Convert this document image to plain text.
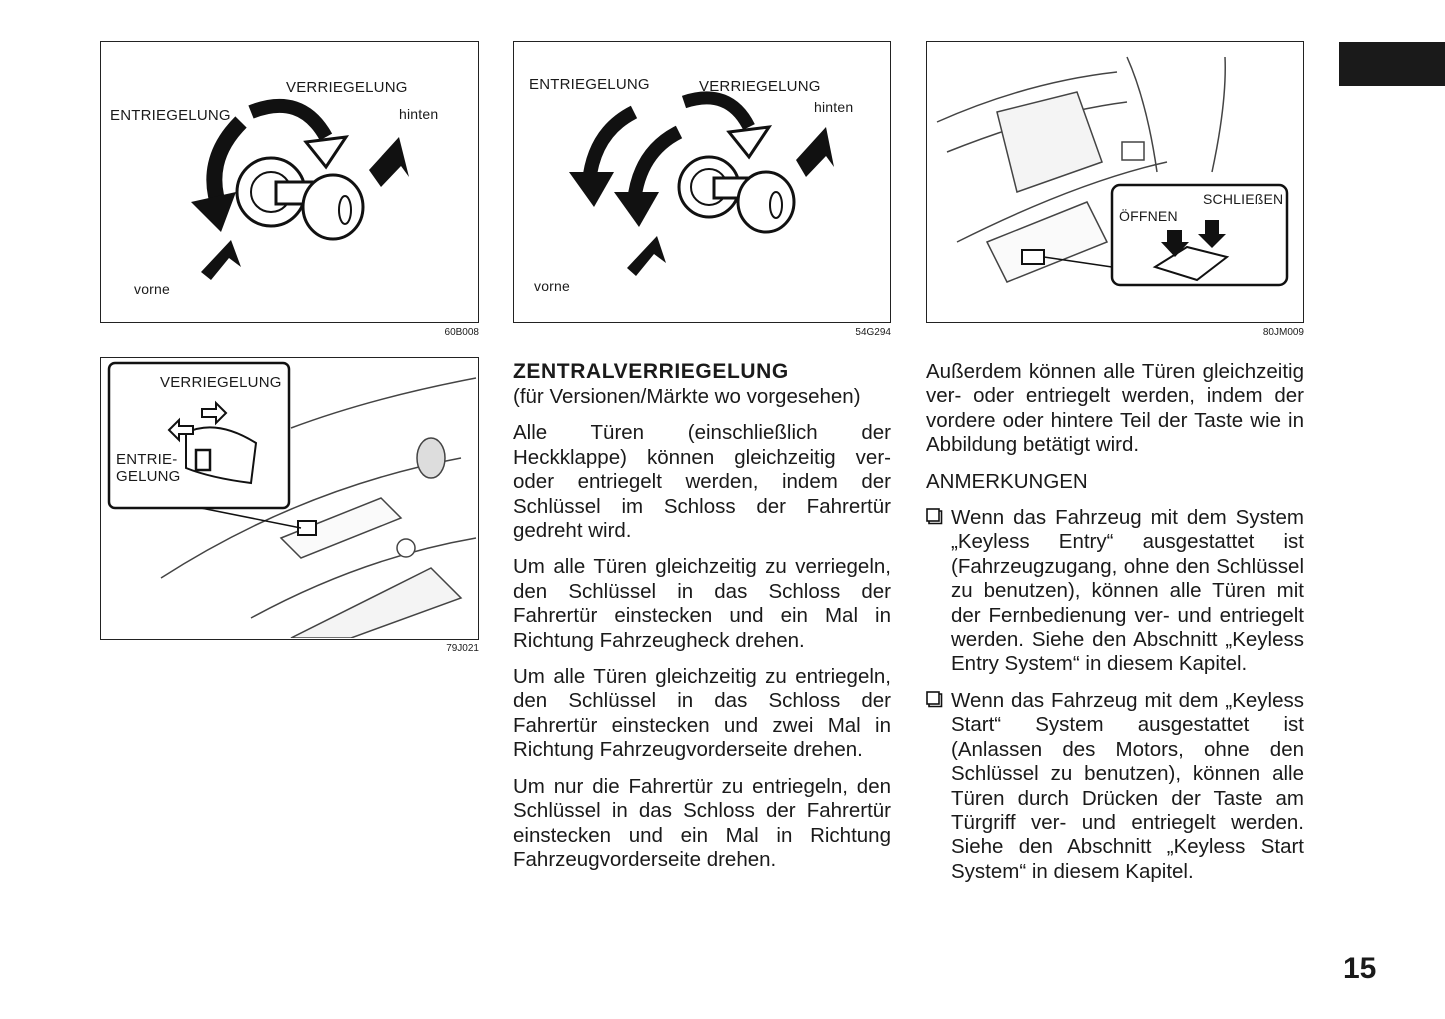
VERRIEGELUNG
ENTRIEGELUNG	hinten
vorne
60B008
ENTRIEGELUNG	VERRIEGELUNG
hinten
vorne
54G294
SCHLIEßEN
ÖFFNEN
80JM009
VERRIEGELUNG
ENTRIE-
GELUNG
79J021
ZENTRALVERRIEGELUNG
(für Versionen/Märkte wo vorgesehen)

Alle Türen (einschließlich der Heckklappe) können gleichzeitig ver- oder entriegelt werden, indem der Schlüssel im Schloss der Fahrertür gedreht wird.

Um alle Türen gleichzeitig zu verriegeln, den Schlüssel in das Schloss der Fahrertür einstecken und ein Mal in Richtung Fahrzeugheck drehen.

Um alle Türen gleichzeitig zu entriegeln, den Schlüssel in das Schloss der Fahrertür einstecken und zwei Mal in Richtung Fahrzeugvorderseite drehen.

Um nur die Fahrertür zu entriegeln, den Schlüssel in das Schloss der Fahrertür einstecken und ein Mal in Richtung Fahrzeugvorderseite drehen.

Außerdem können alle Türen gleichzeitig ver- oder entriegelt werden, indem der vordere oder hintere Teil der Taste wie in Abbildung betätigt wird.

ANMERKUNGEN
Wenn das Fahrzeug mit dem System „Keyless Entry“ ausgestattet ist (Fahrzeugzugang, ohne den Schlüssel zu benutzen), können alle Türen mit der Fernbedienung ver- und entriegelt werden. Siehe den Abschnitt „Keyless Entry System“ in diesem Kapitel.
Wenn das Fahrzeug mit dem „Keyless Start“ System ausgestattet ist (Anlassen des Motors, ohne den Schlüssel zu benutzen), können alle Türen durch Drücken der Taste am Türgriff ver- und entriegelt werden. Siehe den Abschnitt „Keyless Start System“ in diesem Kapitel.
15
